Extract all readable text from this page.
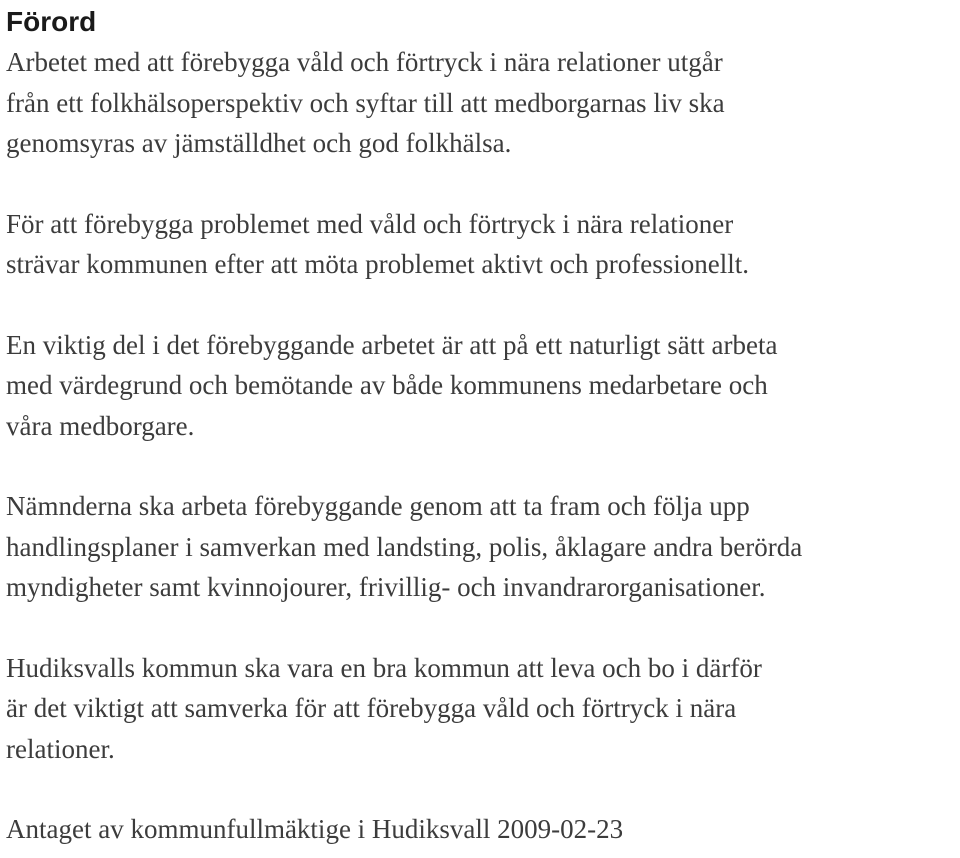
Förord

Arbetet med att förebygga våld och förtryck i nära relationer utgår
från ett folkhälsoperspektiv och syftar till att medborgarnas liv ska
genomsyras av jämställdhet och god folkhälsa.

För att förebygga problemet med våld och förtryck i nära relationer
strävar kommunen efter att möta problemet aktivt och professionellt.

En viktig del i det förebyggande arbetet är att på ett naturligt sätt arbeta
med värdegrund och bemötande av både kommunens medarbetare och
våra medborgare.

Nämnderna ska arbeta förebyggande genom att ta fram och följa upp
handlingsplaner i samverkan med landsting, polis, åklagare andra berörda
myndigheter samt kvinnojourer, frivillig- och invandrarorganisationer.

Hudiksvalls kommun ska vara en bra kommun att leva och bo i därför
är det viktigt att samverka för att förebygga våld och förtryck i nära
relationer.

Antaget av kommunfullmäktige i Hudiksvall 2009-02-23
